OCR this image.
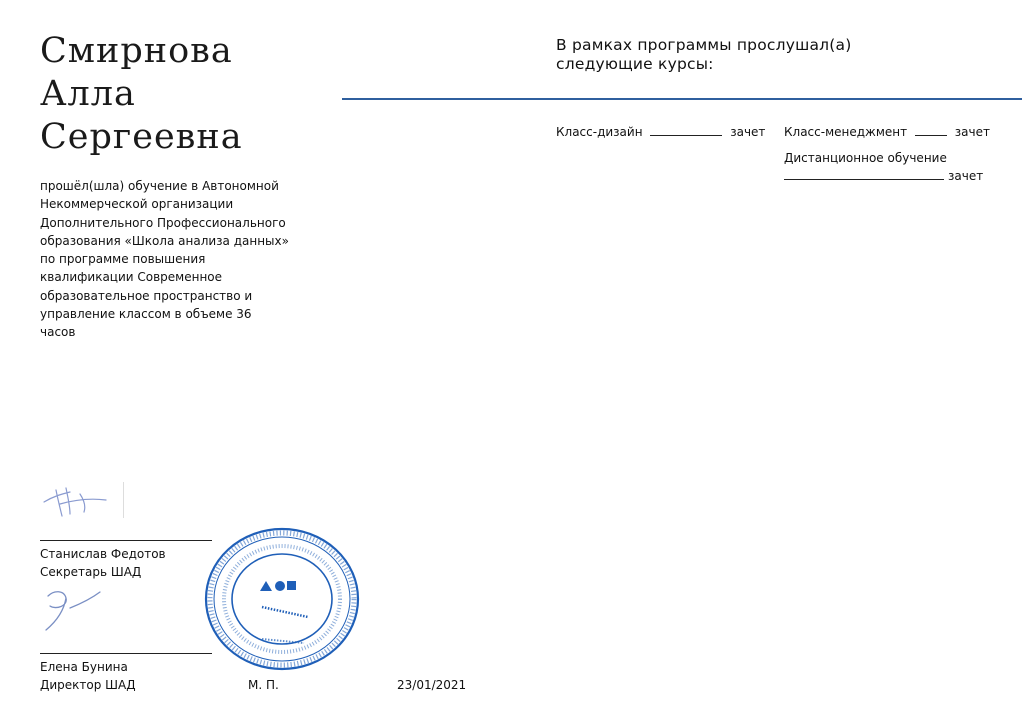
Смирнова
Алла
Сергеевна
прошёл(шла) обучение в Автономной Некоммерческой организации Дополнительного Профессионального образования «Школа анализа данных» по программе повышения квалификации Современное образовательное пространство и управление классом в объеме 36 часов
В рамках программы прослушал(а)
следующие курсы:
Класс-дизайн	зачет Класс-менеджмент	зачет
Дистанционное обучение
зачет
Станислав Федотов
Секретарь ШАД
Елена Бунина
Директор ШАД	М. П.	23/01/2021
